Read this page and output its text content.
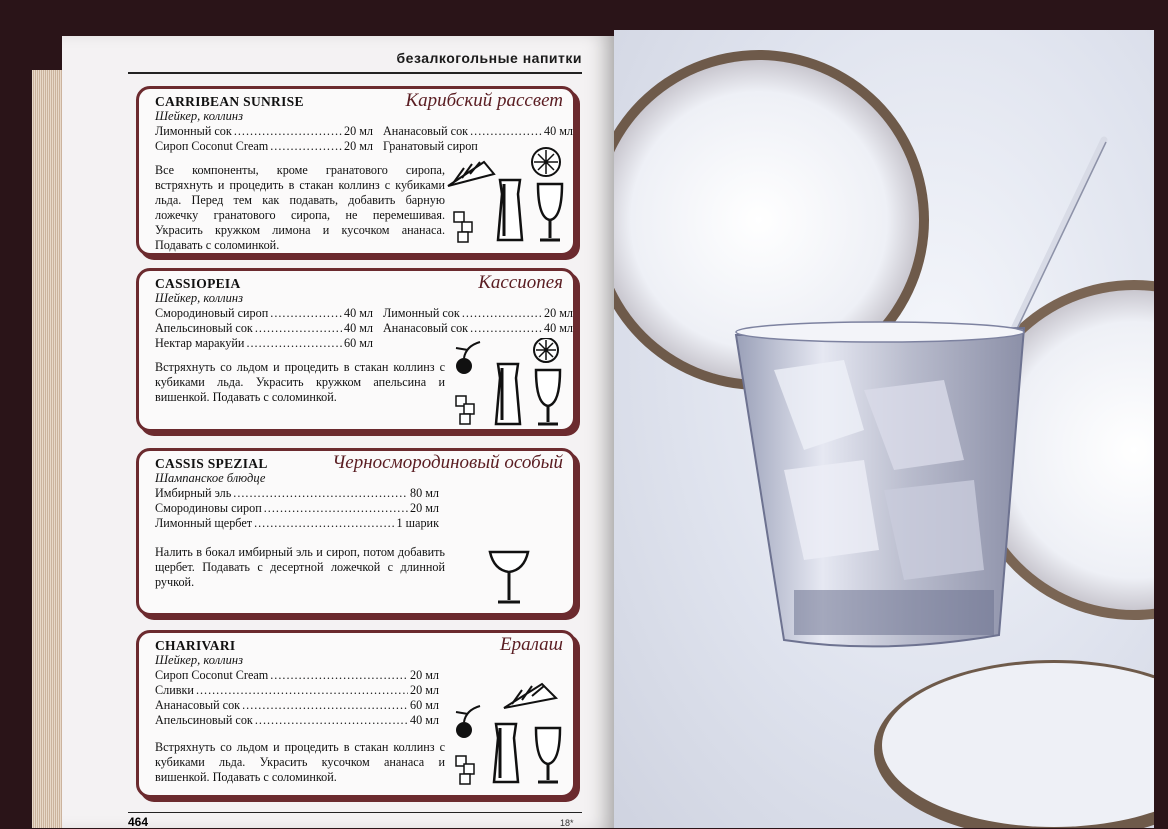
безалкогольные напитки
CARRIBEAN SUNRISE	Карибский рассвет
Шейкер, коллинз
Лимонный сок .....	20 мл Ананасовый сок .....	40 мл
Сироп Coconut Cream .....	20 мл Гранатовый сироп
Все компоненты, кроме гранатового сиропа, встряхнуть и процедить в стакан коллинз с кубиками льда. Перед тем как подавать, добавить барную ложечку гранатового сиропа, не перемешивая. Украсить кружком лимона и кусочком ананаса. Подавать с соломинкой.
CASSIOPEIA	Кассиопея
Шейкер, коллинз
Смородиновый сироп .....	40 мл Лимонный сок .....	20 мл
Апельсиновый сок .....	40 мл Ананасовый сок .....	40 мл
Нектар маракуйи .....	60 мл
Встряхнуть со льдом и процедить в стакан коллинз с кубиками льда. Украсить кружком апельсина и вишенкой. Подавать с соломинкой.
CASSIS SPEZIAL	Черносмородиновый особый
Шампанское блюдце
Имбирный эль .....	80 мл
Смородиновы сироп .....	20 мл
Лимонный щербет .....	1 шарик
Налить в бокал имбирный эль и сироп, потом добавить щербет. Подавать с десертной ложечкой с длинной ручкой.
CHARIVARI	Ералаш
Шейкер, коллинз
Сироп Coconut Cream .....	20 мл
Сливки .....	20 мл
Ананасовый сок .....	60 мл
Апельсиновый сок .....	40 мл
Встряхнуть со льдом и процедить в стакан коллинз с кубиками льда. Украсить кусочком ананаса и вишенкой. Подавать с соломинкой.
464	18*
